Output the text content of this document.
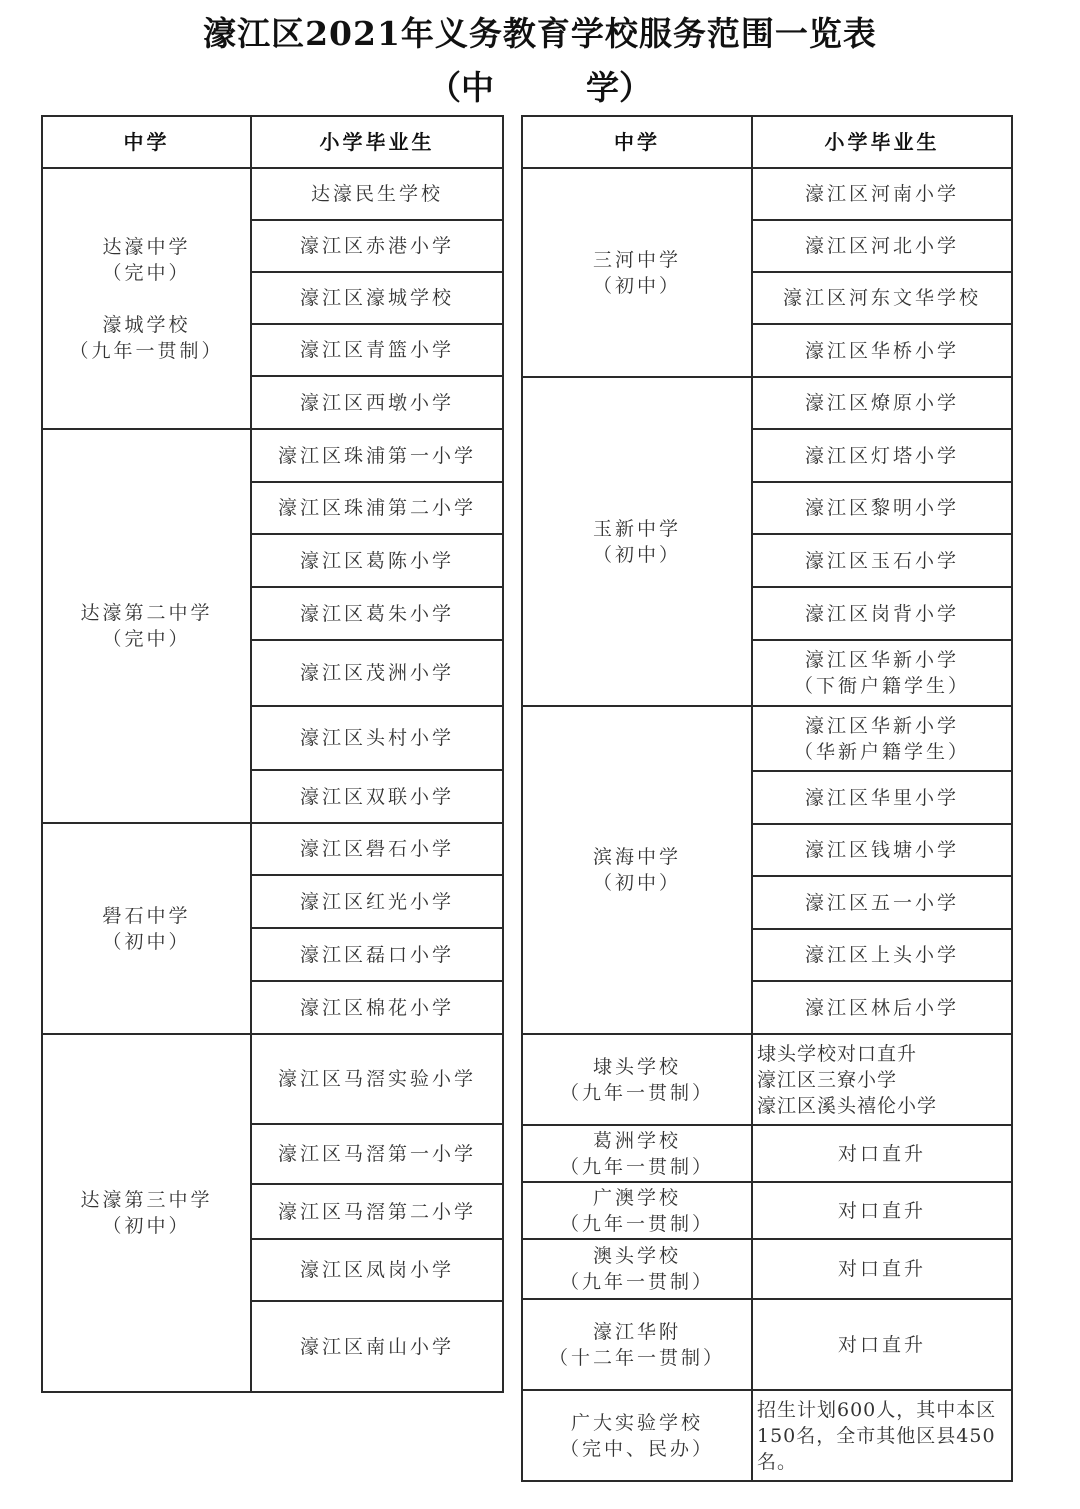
濠江区2021年义务教育学校服务范围一览表
（中        学）
中学	小学毕业生
达濠中学
（完中）

濠城学校
（九年一贯制）	达濠民生学校
	濠江区赤港小学
	濠江区濠城学校
	濠江区青篮小学
	濠江区西墩小学
达濠第二中学
（完中）	濠江区珠浦第一小学
	濠江区珠浦第二小学
	濠江区葛陈小学
	濠江区葛朱小学
	濠江区茂洲小学
	濠江区头村小学
	濠江区双联小学
礐石中学
（初中）	濠江区礐石小学
	濠江区红光小学
	濠江区磊口小学
	濠江区棉花小学
达濠第三中学
（初中）	濠江区马滘实验小学
	濠江区马滘第一小学
	濠江区马滘第二小学
	濠江区凤岗小学
	濠江区南山小学
中学	小学毕业生
三河中学
（初中）	濠江区河南小学
	濠江区河北小学
	濠江区河东文华学校
	濠江区华桥小学
玉新中学
（初中）	濠江区燎原小学
	濠江区灯塔小学
	濠江区黎明小学
	濠江区玉石小学
	濠江区岗背小学
	濠江区华新小学
（下衙户籍学生）
滨海中学
（初中）	濠江区华新小学
（华新户籍学生）
	濠江区华里小学
	濠江区钱塘小学
	濠江区五一小学
	濠江区上头小学
	濠江区林后小学
埭头学校
（九年一贯制）	埭头学校对口直升
濠江区三寮小学
濠江区溪头禧伦小学
葛洲学校
（九年一贯制）	对口直升
广澳学校
（九年一贯制）	对口直升
澳头学校
（九年一贯制）	对口直升
濠江华附
（十二年一贯制）	对口直升
广大实验学校
（完中、民办）	招生计划600人，其中本区150名，全市其他区县450名。
